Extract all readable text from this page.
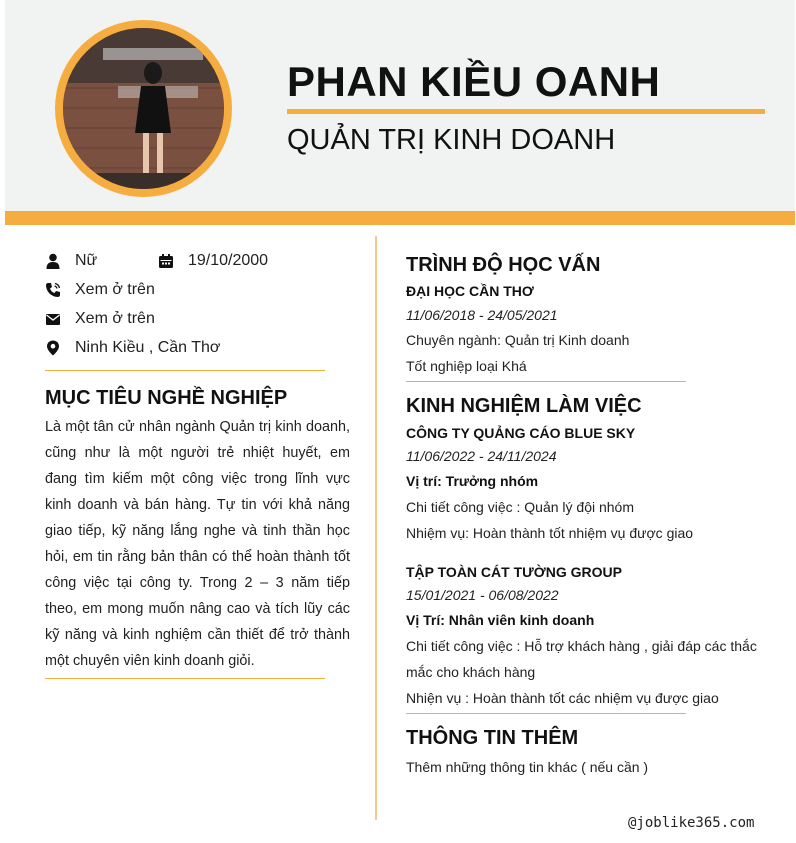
PHAN KIỀU OANH
QUẢN TRỊ KINH DOANH
Nữ	19/10/2000
Xem ở trên
Xem ở trên
Ninh Kiều , Cần Thơ
MỤC TIÊU NGHỀ NGHIỆP
Là một tân cử nhân ngành Quản trị kinh doanh, cũng như là một người trẻ nhiệt huyết, em đang tìm kiếm một công việc trong lĩnh vực kinh doanh và bán hàng. Tự tin với khả năng giao tiếp, kỹ năng lắng nghe và tinh thần học hỏi, em tin rằng bản thân có thể hoàn thành tốt công việc tại công ty. Trong 2 – 3 năm tiếp theo, em mong muốn nâng cao và tích lũy các kỹ năng và kinh nghiệm cần thiết để trở thành một chuyên viên kinh doanh giỏi.
TRÌNH ĐỘ HỌC VẤN
ĐẠI HỌC CẦN THƠ
11/06/2018 - 24/05/2021
Chuyên ngành: Quản trị Kinh doanh
Tốt nghiệp loại Khá
KINH NGHIỆM LÀM VIỆC
CÔNG TY QUẢNG CÁO BLUE SKY
11/06/2022 - 24/11/2024
Vị trí: Trưởng nhóm
Chi tiết công việc : Quản lý đội nhóm
Nhiệm vụ: Hoàn thành tốt nhiệm vụ được giao
TẬP TOÀN CÁT TƯỜNG GROUP
15/01/2021 - 06/08/2022
Vị Trí: Nhân viên kinh doanh
Chi tiết công việc : Hỗ trợ khách hàng , giải đáp các thắc mắc cho khách hàng
Nhiện vụ : Hoàn thành tốt các nhiệm vụ được giao
THÔNG TIN THÊM
Thêm những thông tin khác ( nếu cần )
@joblike365.com
